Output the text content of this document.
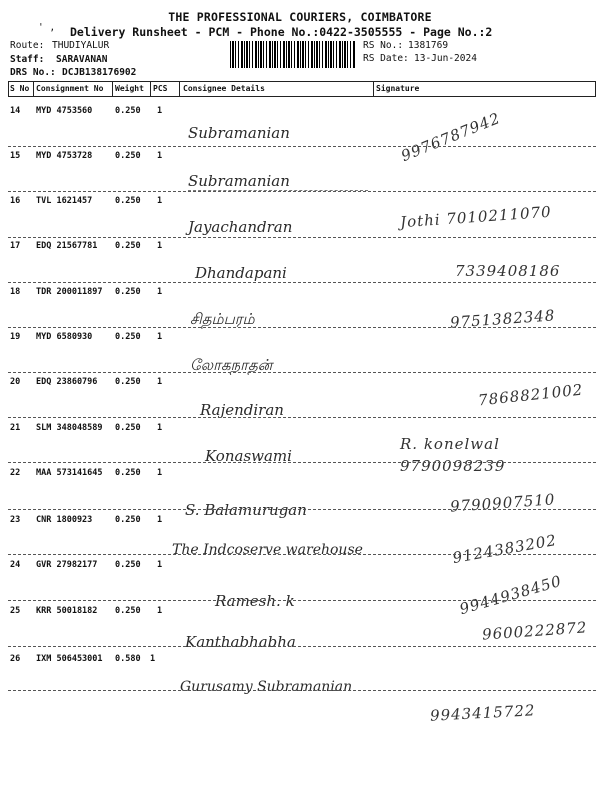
' ,
THE PROFESSIONAL COURIERS, COIMBATORE
Delivery Runsheet - PCM - Phone No.:0422-3505555 - Page No.:2
Route: THUDIYALUR
Staff: SARAVANAN
DRS No.: DCJB138176902
RS No.: 1381769
RS Date: 13-Jun-2024
S No Consignment No Weight PCS Consignee Details	Signature
14 MYD 4753560	0.250 1
Subramanian	9976787942
15 MYD 4753728	0.250 1
Subramanian
16 TVL 1621457	0.250 1
Jayachandran	Jothi 7010211070
17 EDQ 21567781 0.250 1
Dhandapani	7339408186
18 TDR 200011897 0.250 1
சிதம்பரம்	9751382348
19 MYD 6580930	0.250 1
லோகநாதன்
20 EDQ 23860796 0.250 1
Rajendiran
7868821002
21 SLM 348048589 0.250 1
Konaswami
R. konelwal 9790098239
22 MAA 573141645 0.250 1
S. Balamurugan	9790907510
23 CNR 1800923	0.250 1
The Indcoserve warehouse	9124383202
24 GVR 27982177 0.250 1
Ramesh. k	9944938450
25 KRR 50018182 0.250 1
Kanthabhabha	9600222872
26 IXM 506453001 0.580 1
Gurusamy Subramanian
9943415722
